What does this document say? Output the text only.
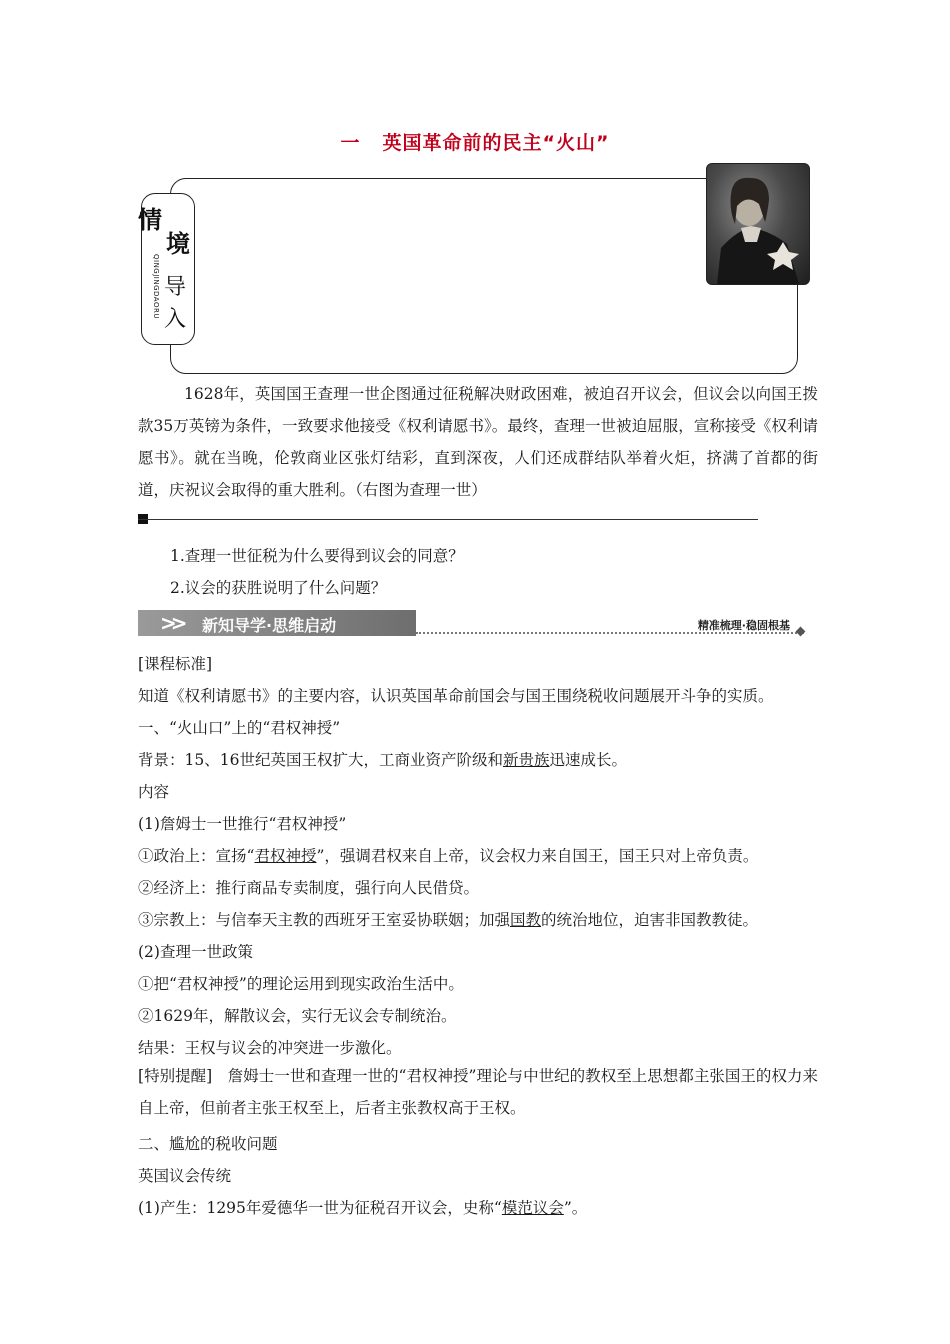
一 英国革命前的民主“火山”
情
境
导
入
QINGJINGDAORU
1628年，英国国王查理一世企图通过征税解决财政困难，被迫召开议会，但议会以向国王拨款35万英镑为条件，一致要求他接受《权利请愿书》。最终，查理一世被迫屈服，宣称接受《权利请愿书》。就在当晚，伦敦商业区张灯结彩，直到深夜，人们还成群结队举着火炬，挤满了首都的街道，庆祝议会取得的重大胜利。（右图为查理一世）
1.查理一世征税为什么要得到议会的同意？
2.议会的获胜说明了什么问题？
>> 新知导学·思维启动	精准梳理·稳固根基
[课程标准]
知道《权利请愿书》的主要内容，认识英国革命前国会与国王围绕税收问题展开斗争的实质。
一、“火山口”上的“君权神授”
背景：15、16世纪英国王权扩大，工商业资产阶级和新贵族迅速成长。
内容
(1)詹姆士一世推行“君权神授”
①政治上：宣扬“君权神授”，强调君权来自上帝，议会权力来自国王，国王只对上帝负责。
②经济上：推行商品专卖制度，强行向人民借贷。
③宗教上：与信奉天主教的西班牙王室妥协联姻；加强国教的统治地位，迫害非国教教徒。
(2)查理一世政策
①把“君权神授”的理论运用到现实政治生活中。
②1629年，解散议会，实行无议会专制统治。
结果：王权与议会的冲突进一步激化。
[特别提醒]　詹姆士一世和查理一世的“君权神授”理论与中世纪的教权至上思想都主张国王的权力来自上帝，但前者主张王权至上，后者主张教权高于王权。
二、尴尬的税收问题
英国议会传统
(1)产生：1295年爱德华一世为征税召开议会，史称“模范议会”。
